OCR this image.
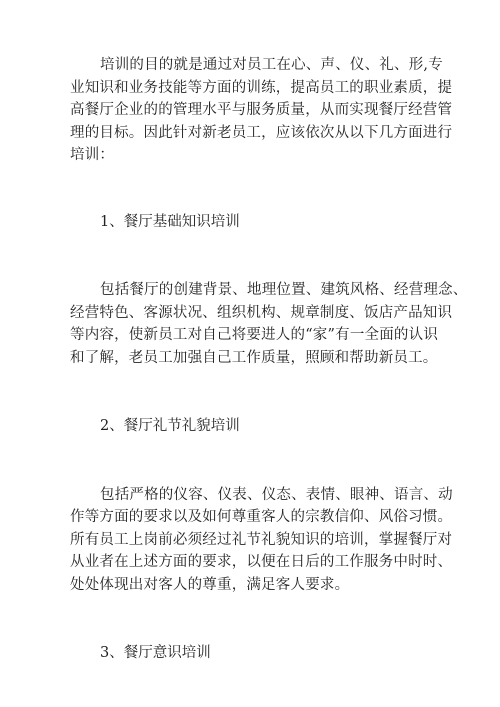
培训的目的就是通过对员工在心、声、仪、礼、形,专
业知识和业务技能等方面的训练，提高员工的职业素质，提
高餐厅企业的的管理水平与服务质量，从而实现餐厅经营管
理的目标。因此针对新老员工，应该依次从以下几方面进行
培训：

1、餐厅基础知识培训

包括餐厅的创建背景、地理位置、建筑风格、经营理念、
经营特色、客源状况、组织机构、规章制度、饭店产品知识
等内容，使新员工对自己将要进人的“家”有一全面的认识
和了解，老员工加强自己工作质量，照顾和帮助新员工。

2、餐厅礼节礼貌培训

包括严格的仪容、仪表、仪态、表情、眼神、语言、动
作等方面的要求以及如何尊重客人的宗教信仰、风俗习惯。
所有员工上岗前必须经过礼节礼貌知识的培训，掌握餐厅对
从业者在上述方面的要求，以便在日后的工作服务中时时、
处处体现出对客人的尊重，满足客人要求。

3、餐厅意识培训
